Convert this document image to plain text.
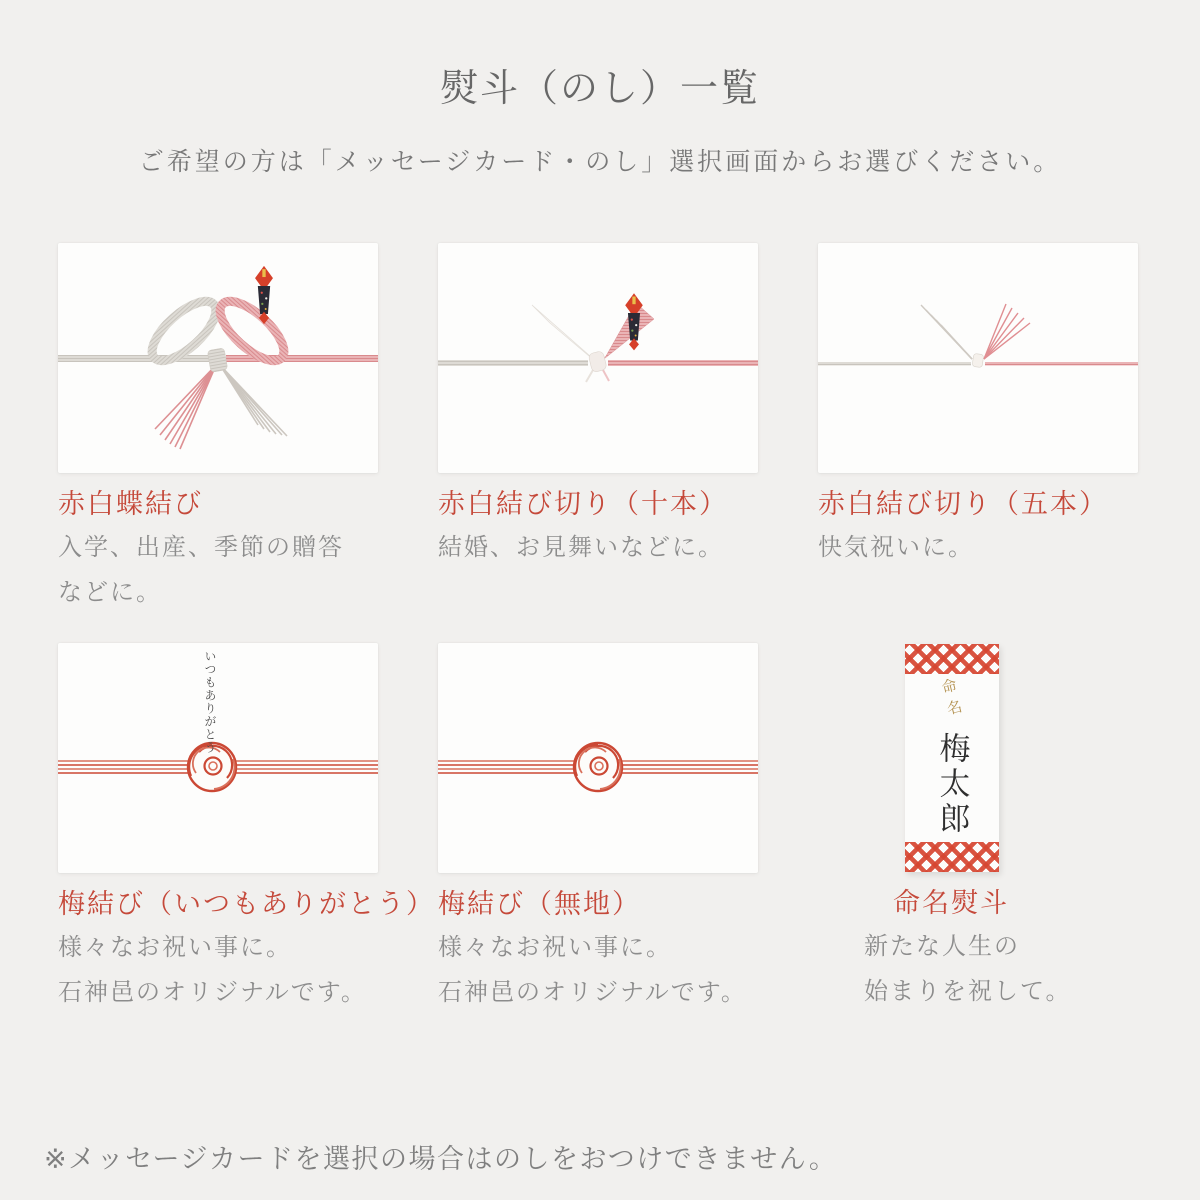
熨斗（のし）一覧
ご希望の方は「メッセージカード・のし」選択画面からお選びください。
赤白蝶結び
入学、出産、季節の贈答
などに。
赤白結び切り（十本）
結婚、お見舞いなどに。
赤白結び切り（五本）
快気祝いに。
いつもありがとう
梅結び（いつもありがとう）
様々なお祝い事に。
石神邑のオリジナルです。
梅結び（無地）
様々なお祝い事に。
石神邑のオリジナルです。
命名
梅太郎
命名熨斗
新たな人生の
始まりを祝して。
※メッセージカードを選択の場合はのしをおつけできません。
